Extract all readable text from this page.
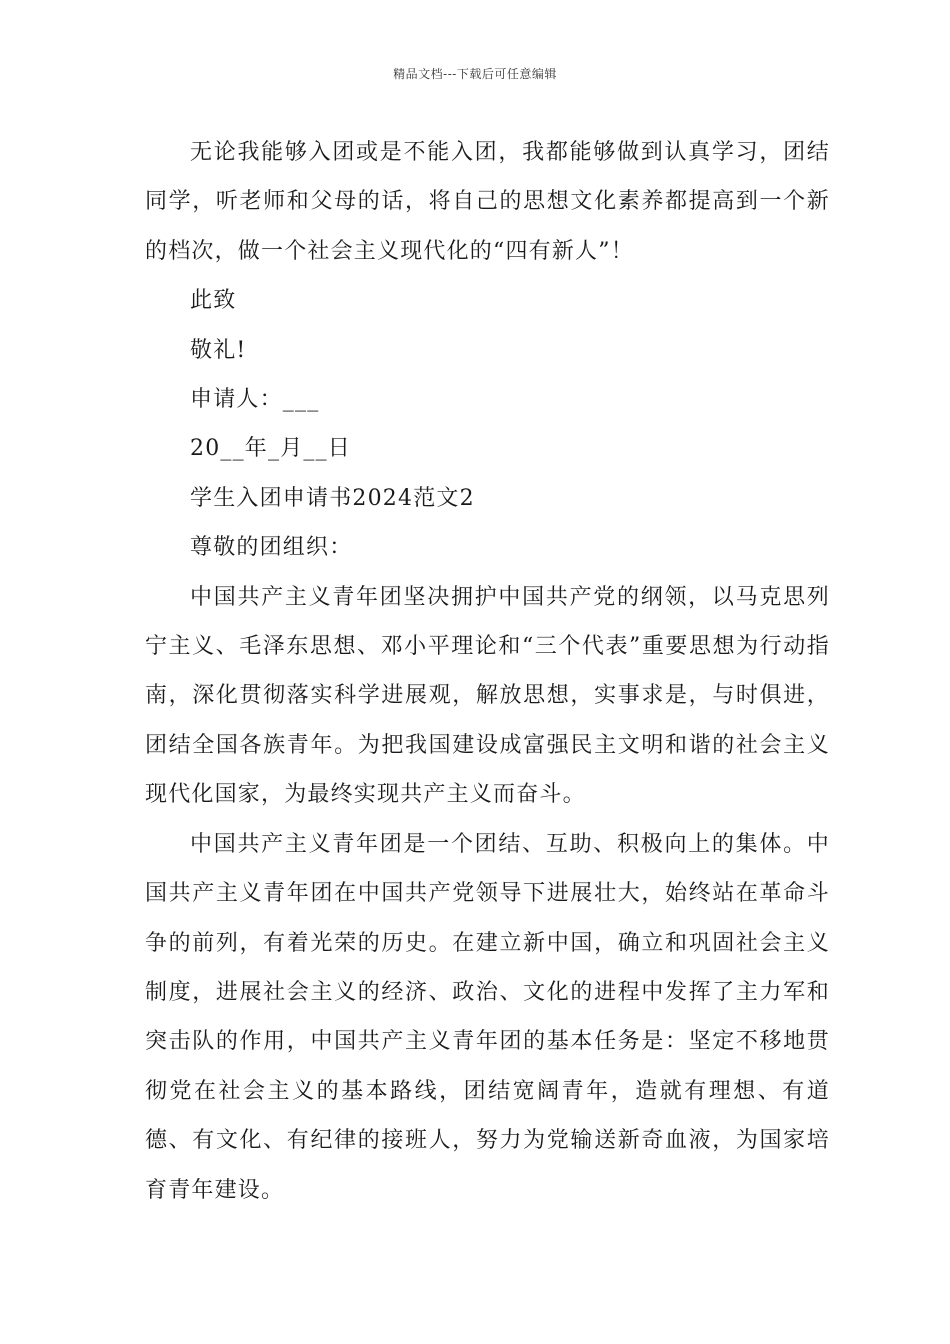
精品文档---下载后可任意编辑

无论我能够入团或是不能入团，我都能够做到认真学习，团结同学，听老师和父母的话，将自己的思想文化素养都提高到一个新的档次，做一个社会主义现代化的“四有新人”！

此致

敬礼!

申请人：___

20__年_月__日

学生入团申请书2024范文2

尊敬的团组织：

中国共产主义青年团坚决拥护中国共产党的纲领，以马克思列宁主义、毛泽东思想、邓小平理论和“三个代表”重要思想为行动指南，深化贯彻落实科学进展观，解放思想，实事求是，与时俱进，团结全国各族青年。为把我国建设成富强民主文明和谐的社会主义现代化国家，为最终实现共产主义而奋斗。

中国共产主义青年团是一个团结、互助、积极向上的集体。中国共产主义青年团在中国共产党领导下进展壮大，始终站在革命斗争的前列，有着光荣的历史。在建立新中国，确立和巩固社会主义制度，进展社会主义的经济、政治、文化的进程中发挥了主力军和突击队的作用，中国共产主义青年团的基本任务是：坚定不移地贯彻党在社会主义的基本路线，团结宽阔青年，造就有理想、有道德、有文化、有纪律的接班人，努力为党输送新奇血液，为国家培育青年建设。
